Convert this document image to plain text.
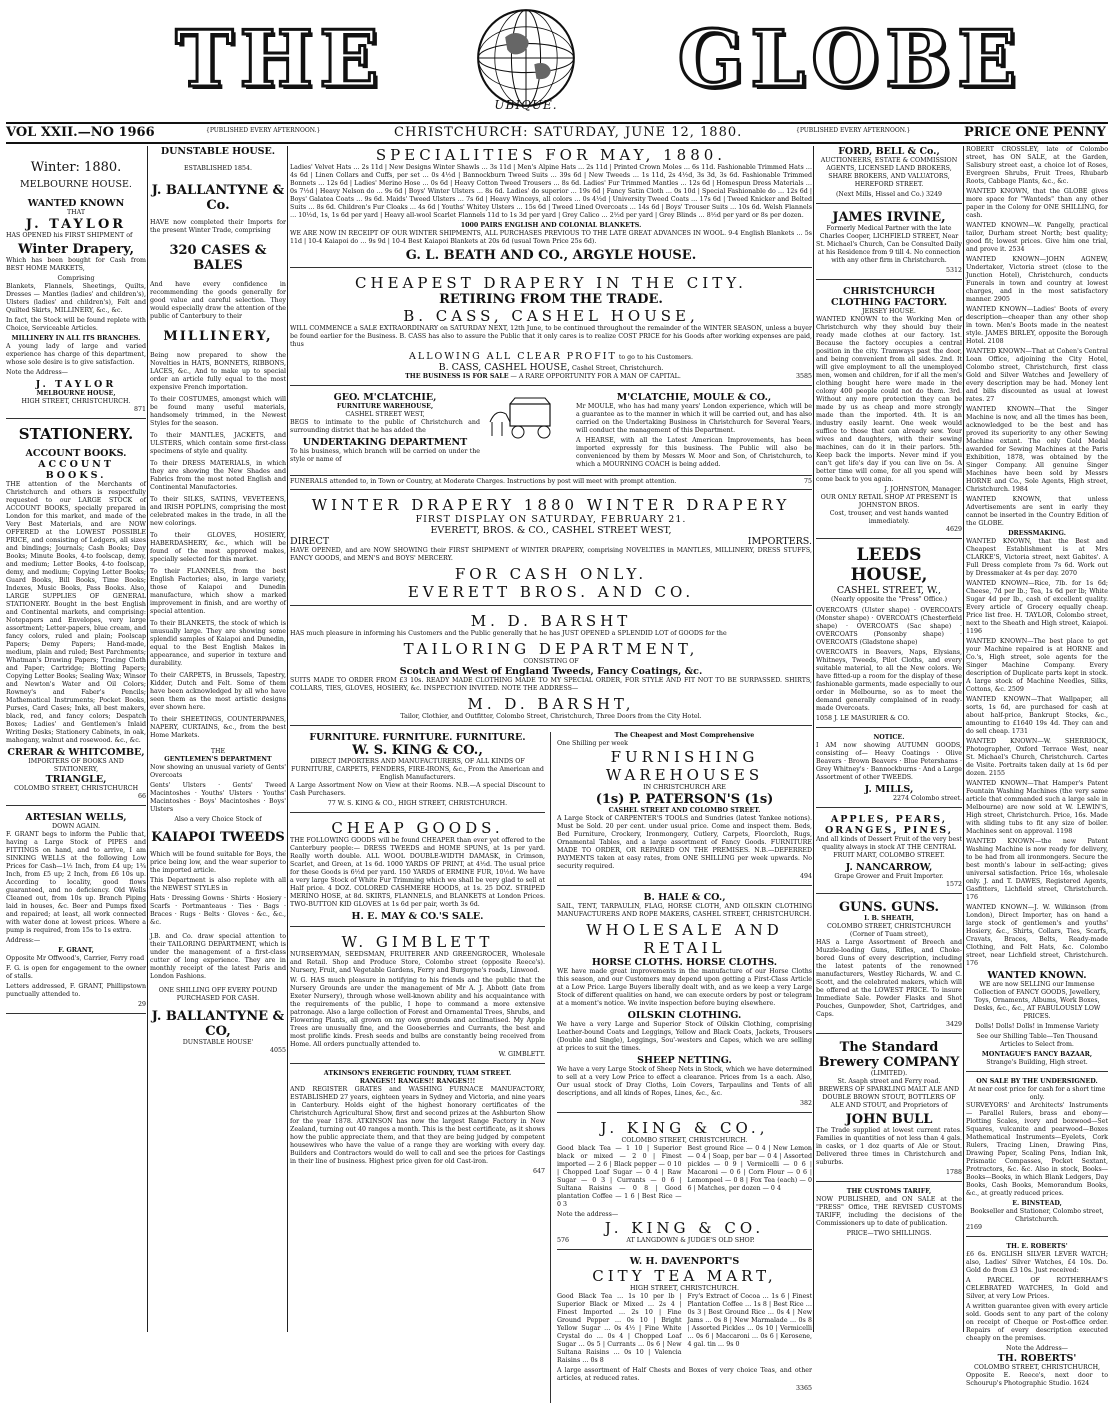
THE
UBIQUE.
GLOBE
VOL XXII.—NO 1966	{PUBLISHED EVERY AFTERNOON.}	CHRISTCHURCH: SATURDAY, JUNE 12, 1880.	{PUBLISHED EVERY AFTERNOON.}	PRICE ONE PENNY
Winter: 1880.
MELBOURNE HOUSE.
WANTED KNOWN
THAT
J. TAYLOR

HAS OPENED his FIRST SHIPMENT of

Winter Drapery,

Which has been bought for Cash from BEST HOME MARKETS,

Comprising

Blankets, Flannels, Sheetings, Quilts, Dresses — Mantles (ladies' and children's), Ulsters (ladies' and children's), Felt and Quilted Skirts, MILLINERY, &c., &c.

In fact, the Stock will be found replete with Choice, Serviceable Articles.

MILLINERY IN ALL ITS BRANCHES.

A young lady of large and varied experience has charge of this department, whose sole desire is to give satisfaction.

Note the Address—

J. TAYLOR
MELBOURNE HOUSE,
HIGH STREET, CHRISTCHURCH.
871
STATIONERY.
ACCOUNT BOOKS.
ACCOUNT BOOKS.

THE attention of the Merchants of Christchurch and others is respectfully requested to our LARGE STOCK of ACCOUNT BOOKS, specially prepared in London for this market, and made of the Very Best Materials, and are NOW OFFERED at the LOWEST POSSIBLE PRICE, and consisting of Ledgers, all sizes and bindings; Journals; Cash Books; Day Books; Minute Books, 4-to foolscap, demy, and medium; Letter Books, 4-to foolscap, demy, and medium; Copying Letter Books; Guard Books, Bill Books, Time Books; Indexes, Music Books, Pass Books. Also, LARGE SUPPLIES OF GENERAL STATIONERY. Bought in the best English and Continental markets, and comprising: Notepapers and Envelopes, very large assortment; Letter-papers, blue cream, and fancy colors, ruled and plain; Foolscap Papers; Demy Papers; Hand-made, medium, plain and ruled; Best Parchments; Whatman's Drawing Papers; Tracing Cloth and Paper; Cartridge; Blotting Papers; Copying Letter Books; Sealing Wax; Winsor and Newton's Water and Oil Colors; Rowney's and Faber's Pencils; Mathematical Instruments; Pocket Books, Purses, Card Cases; Inks, all best makers, black, red, and fancy colors; Despatch Boxes; Ladies' and Gentlemen's Inlaid Writing Desks; Stationery Cabinets, in oak, mahogany, walnut and rosewood. &c., &c.

CRERAR & WHITCOMBE,
IMPORTERS OF BOOKS AND STATIONERY,
TRIANGLE,
COLOMBO STREET, CHRISTCHURCH
66
ARTESIAN WELLS,
DOWN AGAIN.

F. GRANT begs to inform the Public that, having a Large Stock of PIPES and FITTINGS on hand, and to arrive, I am SINKING WELLS at the following Low Prices for Cash—1½ Inch, from £4 up; 1¾ Inch, from £5 up; 2 Inch, from £6 10s up. According to locality, good flows guaranteed, and no deficiency. Old Wells Cleaned out, from 10s up. Branch Piping laid in houses, &c. Beer and Pumps fixed and repaired; at least, all work connected with water done at lowest prices. Where a pump is required, from 15s to 1s extra.

Address:—

F. GRANT,

Opposite Mr Offwood's, Carrier, Ferry road

F. G. is open for engagement to the owner of stalls.

Letters addressed, F. GRANT, Phillipstown punctually attended to.

29
DUNSTABLE HOUSE.
ESTABLISHED 1854.
J. BALLANTYNE & Co.

HAVE now completed their Imports for the present Winter Trade, comprising

320 CASES & BALES

And have every confidence in recommending the goods generally for good value and careful selection. They would especially draw the attention of the public of Canterbury to their

MILLINERY,

Being now prepared to show the Novelties in HATS, BONNETS, RIBBONS, LACES, &c., And to make up to special order an article fully equal to the most expensive French importation.

To their COSTUMES, amongst which will be found many useful materials, handsomely trimmed, in the Newest Styles for the season.

To their MANTLES, JACKETS, and ULSTERS, which contain some first-class specimens of style and quality.

To their DRESS MATERIALS, in which they are showing the New Shades and Fabrics from the most noted English and Continental Manufactories.

To their SILKS, SATINS, VEVETEENS, and IRISH POPLINS, comprising the most celebrated makes in the trade, in all the new colorings.

To their GLOVES, HOSIERY, HABERDASHERY, &c., which will be found of the most approved makes, specially selected for this market.

To their FLANNELS, from the best English Factories; also, in large variety, those of Kaiapoi and Dunedin manufacture, which show a marked improvement in finish, and are worthy of special attention.

To their BLANKETS, the stock of which is unusually large. They are showing some splendid samples of Kaiapoi and Dunedin, equal to the Best English Makes in appearance, and superior in texture and durability.

To their CARPETS, in Brussels, Tapestry, Kidder, Dutch and Felt. Some of them have been acknowledged by all who have seen them as the most artistic designs ever shown here.

To their SHEETINGS, COUNTERPANES, NAPERY, CURTAINS, &c., from the best Home Markets.

THE
GENTLEMEN'S DEPARTMENT

Now showing an unusual variety of Gents' Overcoats

Gents' Ulsters · Gents' Tweed Macintoshes · Youths' Ulsters · Youths' Macintoshes · Boys' Macintoshes · Boys' Ulsters

Also a very Choice Stock of
KAIAPOI TWEEDS

Which will be found suitable for Boys, the price being low, and the wear superior to the imported article.

This Department is also replete with all the NEWEST STYLES in

Hats · Dressing Gowns · Shirts · Hosiery · Scarfs · Portmanteaus · Ties · Bags · Braces · Rugs · Belts · Gloves · &c., &c., &c.

J.B. and Co. draw special attention to their TAILORING DEPARTMENT, which is under the management of a first-class cutter of long experience. They are in monthly receipt of the latest Paris and London Fashions.

ONE SHILLING OFF EVERY POUND
PURCHASED FOR CASH.
J. BALLANTYNE & CO,
DUNSTABLE HOUSE'
4055
SPECIALITIES FOR MAY, 1880.

Ladies' Velvet Hats … 2s 11d | New Designs Winter Shawls … 3s 11d | Men's Alpine Hats … 2s 11d | Printed Crown Moles … 6s 11d. Fashionable Trimmed Hats … 4s 6d | Linen Collars and Cuffs, per set … 0s 4½d | Bannockburn Tweed Suits … 39s 6d | New Tweeds … 1s 11d, 2s 4½d, 3s 3d, 3s 6d. Fashionable Trimmed Bonnets … 12s 6d | Ladies' Merino Hose … 0s 6d | Heavy Cotton Tweed Trousers … 8s 6d. Ladies' Fur Trimmed Mantles … 12s 6d | Homespun Dress Materials … 0s 7½d | Heavy Nelson do … 9s 6d | Boys' Winter Ulsters … 8s 6d. Ladies' do superior … 19s 6d | Fancy Satin Cloth … 0s 10d | Special Fashionable do … 12s 6d | Boys' Galatea Coats … 9s 6d. Maids' Tweed Ulsters … 7s 6d | Heavy Winceys, all colors … 0s 4½d | University Tweed Coats … 17s 6d | Tweed Knicker and Belted Suits … 8s 6d. Children's Fur Cloaks … 4s 6d | Youths' Whitey Ulsters … 15s 6d | Tweed Lined Overcoats … 14s 6d | Boys' Trouser Suits … 10s 6d. Welsh Flannels … 10½d, 1s, 1s 6d per yard | Heavy all-wool Scarlet Flannels 11d to 1s 3d per yard | Grey Calico … 2½d per yard | Grey Blinds … 8½d per yard or 8s per dozen.

1000 PAIRS ENGLISH AND COLONIAL BLANKETS.

WE ARE NOW IN RECEIPT OF OUR WINTER SHIPMENTS, ALL PURCHASES PREVIOUS TO THE LATE GREAT ADVANCES IN WOOL. 9-4 English Blankets … 5s 11d | 10-4 Kaiapoi do … 9s 9d | 10-4 Best Kaiapoi Blankets at 20s 6d (usual Town Price 25s 6d).

G. L. BEATH AND CO., ARGYLE HOUSE.
CHEAPEST DRAPERY IN THE CITY.
RETIRING FROM THE TRADE.
B. CASS, CASHEL HOUSE,

WILL COMMENCE a SALE EXTRAORDINARY on SATURDAY NEXT, 12th June, to be continued throughout the remainder of the WINTER SEASON, unless a buyer be found earlier for the Business. B. CASS has also to assure the Public that it only cares is to realize COST PRICE for his Goods after working expenses are paid, thus

ALLOWING ALL CLEAR PROFIT to go to his Customers.
B. CASS, CASHEL HOUSE, Cashel Street, Christchurch.
THE BUSINESS IS FOR SALE — A RARE OPPORTUNITY FOR A MAN OF CAPITAL.	3585
GEO. M'CLATCHIE,
FURNITURE WAREHOUSE,
CASHEL STREET WEST,

BEGS to intimate to the public of Christchurch and surrounding district that he has added the

UNDERTAKING DEPARTMENT

To his business, which branch will be carried on under the style or name of

M'CLATCHIE, MOULE & CO.,

Mr MOULE, who has had many years' London experience, which will be a guarantee as to the manner in which it will be carried out, and has also carried on the Undertaking Business in Christchurch for Several Years, will conduct the management of this Department.

A HEARSE, with all the Latest American Improvements, has been imported expressly for this business. The Public will also be convenienced by them by Messrs W. Moor and Son, of Christchurch, to which a MOURNING COACH is being added.

FUNERALS attended to, in Town or Country, at Moderate Charges. Instructions by post will meet with prompt attention.	75
WINTER DRAPERY 1880 WINTER DRAPERY
FIRST DISPLAY ON SATURDAY, FEBRUARY 21.
EVERETT, BROS. & CO., CASHEL STREET WEST,
DIRECT	IMPORTERS.

HAVE OPENED, and are NOW SHOWING their FIRST SHIPMENT of WINTER DRAPERY, comprising NOVELTIES in MANTLES, MILLINERY, DRESS STUFFS, FANCY GOODS, and MEN'S and BOYS' MERCERY.

FOR CASH ONLY.
EVERETT BROS. AND CO.
M. D. BARSHT

HAS much pleasure in informing his Customers and the Public generally that he has JUST OPENED a SPLENDID LOT of GOODS for the

TAILORING DEPARTMENT,
CONSISTING OF
Scotch and West of England Tweeds, Fancy Coatings, &c.

SUITS MADE TO ORDER FROM £3 10s. READY MADE CLOTHING MADE TO MY SPECIAL ORDER, FOR STYLE AND FIT NOT TO BE SURPASSED. SHIRTS, COLLARS, TIES, GLOVES, HOSIERY, &c. INSPECTION INVITED. NOTE THE ADDRESS—

M. D. BARSHT,
Tailor, Clothier, and Outfitter, Colombo Street, Christchurch, Three Doors from the City Hotel.
FURNITURE. FURNITURE. FURNITURE.
W. S. KING & CO.,
DIRECT IMPORTERS AND MANUFACTURERS, OF ALL KINDS OF
FURNITURE, CARPETS, FENDERS, FIRE-IRONS, &c., From the American and English Manufacturers.

A Large Assortment Now on View at their Rooms. N.B.—A special Discount to Cash Purchasers.

77 W. S. KING & CO., HIGH STREET, CHRISTCHURCH.
CHEAP GOODS.

THE FOLLOWING GOODS will be found CHEAPER than ever yet offered to the Canterbury people:— DRESS TWEEDS and HOME SPUNS, at 1s per yard. Really worth double. ALL WOOL DOUBLE-WIDTH DAMASK, in Crimson, Scarlet, and Green, at 1s 6d. 1000 YARDS OF PRINT, at 4½d. The usual price for these Goods is 6½d per yard. 150 YARDS of ERMINE FUR, 10½d. We have a very large Stock of White Fur Trimming which we shall be very glad to sell at Half price. 4 DOZ. COLORED CASHMERE HOODS, at 1s. 25 DOZ. STRIPED MERINO HOSE, at 8d. SKIRTS, FLANNELS, and BLANKETS at London Prices. TWO-BUTTON KID GLOVES at 1s 6d per pair, worth 3s 6d.

H. E. MAY & CO.'S SALE.
W. GIMBLETT

NURSERYMAN, SEEDSMAN, FRUITERER AND GREENGROCER, Wholesale and Retail. Shop and Produce Store, Colombo street (opposite Reece's). Nursery, Fruit, and Vegetable Gardens, Ferry and Burgoyne's roads, Linwood.

W. G. HAS much pleasure in notifying to his friends and the public that the Nursery Grounds are under the management of Mr A. J. Abbott (late from Exeter Nursery), through whose well-known ability and his acquaintance with the requirements of the public, I hope to command a more extensive patronage. Also a large collection of Forest and Ornamental Trees, Shrubs, and Flowering Plants, all grown on my own grounds and acclimatised. My Apple Trees are unusually fine, and the Gooseberries and Currants, the best and most prolific kinds. Fresh seeds and bulbs are constantly being received from Home. All orders punctually attended to.

W. GIMBLETT.
ATKINSON'S ENERGETIC FOUNDRY, TUAM STREET.
RANGES!! RANGES!! RANGES!!!

AND REGISTER GRATES and WASHING FURNACE MANUFACTORY, ESTABLISHED 27 years, eighteen years in Sydney and Victoria, and nine years in Canterbury. Holds eight of the highest honorary certificates of the Christchurch Agricultural Show, first and second prizes at the Ashburton Show for the year 1878. ATKINSON has now the largest Range Factory in New Zealand, turning out 40 ranges a month. This is the best certificate, as it shows how the public appreciate them, and that they are being judged by competent housewives who have the value of a range they are working with every day. Builders and Contractors would do well to call and see the prices for Castings in their line of business. Highest price given for old Cast-iron.

647
The Cheapest and Most Comprehensive
One Shilling per week
FURNISHING WAREHOUSES
IN CHRISTCHURCH ARE
(1s) P. PATERSON'S (1s)
CASHEL STREET AND COLOMBO STREET.

A Large Stock of CARPENTER'S TOOLS and Sundries (latest Yankee notions). Must be Sold. 20 per cent. under usual price. Come and inspect them. Beds, Bed Furniture, Crockery, Ironmongery, Cutlery, Carpets, Floorcloth, Rugs, Ornamental Tables, and a large assortment of Fancy Goods. FURNITURE MADE TO ORDER, OR REPAIRED ON THE PREMISES. N.B.—DEFERRED PAYMENTS taken at easy rates, from ONE SHILLING per week upwards. No security required.

494
B. HALE & CO.,

SAIL, TENT, TARPAULIN, FLAG, HORSE CLOTH, AND OILSKIN CLOTHING MANUFACTURERS AND ROPE MAKERS, CASHEL STREET, CHRISTCHURCH.

WHOLESALE AND RETAIL
HORSE CLOTHS. HORSE CLOTHS.

WE have made great improvements in the manufacture of our Horse Cloths this season, and our Customers may depend upon getting a First-Class Article at a Low Price. Large Buyers liberally dealt with, and as we keep a very Large Stock of different qualities on hand, we can execute orders by post or telegram at a moment's notice. We invite inspection before buying elsewhere.

OILSKIN CLOTHING.

We have a very Large and Superior Stock of Oilskin Clothing, comprising Leather-bound Coats and Leggings, Yellow and Black Coats, Jackets, Trousers (Double and Single), Leggings, Sou'-westers and Capes, which we are selling at prices to suit the times.

SHEEP NETTING.

We have a very Large Stock of Sheep Nets in Stock, which we have determined to sell at a very Low Price to effect a clearance. Prices from 1s a each. Also, Our usual stock of Dray Cloths, Loin Covers, Tarpaulins and Tents of all descriptions, and all kinds of Ropes, Lines, &c., &c.

382
J. KING & CO.,
COLOMBO STREET, CHRISTCHURCH.

Good black Tea — 1 10 | Superior black or mixed — 2 0 | Finest imported — 2 6 | Black pepper — 0 10 | Chopped Loaf Sugar — 0 4 | Raw Sugar — 0 3 | Currants — 0 6 | Sultana Raisins — 0 8 | Good plantation Coffee — 1 6 | Best Rice — 0 3

Best ground Rice — 0 4 | New Lemon — 0 4 | Soap, per bar — 0 4 | Assorted pickles — 0 9 | Vermicelli — 0 6 | Macaroni — 0 6 | Corn Flour — 0 6 | Lemonpeel — 0 8 | Fox Tea (each) — 0 6 | Matches, per dozen — 0 4

Note the address—
J. KING & CO.
AT LANGDOWN & JUDGE'S OLD SHOP.
576
W. H. DAVENPORT'S
CITY TEA MART,
HIGH STREET, CHRISTCHURCH.

Good Black Tea … 1s 10 per lb | Superior Black or Mixed … 2s 4 | Finest Imported … 2s 10 | Fine Ground Pepper … 0s 10 | Bright Yellow Sugar … 0s 4½ | Fine White Crystal do … 0s 4 | Chopped Loaf Sugar … 0s 5 | Currants … 0s 6 | New Sultana Raisins … 0s 10 | Valencia Raisins … 0s 8

Fry's Extract of Cocoa … 1s 6 | Finest Plantation Coffee … 1s 8 | Best Rice … 0s 3 | Best Ground Rice … 0s 4 | New Jams … 0s 8 | New Marmalade … 0s 8 | Assorted Pickles … 0s 10 | Vermicelli … 0s 6 | Maccaroni … 0s 6 | Kerosene, 4 gal. tin … 9s 0

A large assortment of Half Chests and Boxes of very choice Teas, and other articles, at reduced rates.

3365
FORD, BELL & Co.,

AUCTIONEERS, ESTATE & COMMISSION AGENTS, LICENSED LAND BROKERS, SHARE BROKERS, AND VALUATORS, HEREFORD STREET.

(Next Mills, Hissel and Co.) 3249
JAMES IRVINE,

Formerly Medical Partner with the late Charles Cooper, LICHFIELD STREET, Near St. Michael's Church, Can be Consulted Daily at his Residence from 9 till 4. No connection with any other firm in Christchurch.

5312
CHRISTCHURCH
CLOTHING FACTORY.
JERSEY HOUSE.

WANTED KNOWN to the Working Men of Christchurch why they should buy their ready made clothes at our factory. 1st. Because the factory occupies a central position in the city. Tramways past the door, and being convenient from all sides. 2nd. It will give employment to all the unemployed men, women and children, for if all the men's clothing bought here were made in the colony 400 people could not do them. 3rd. Without any more protection they can be made by us as cheap and more strongly made than the imported. 4th. It is an industry easily learnt. One week would suffice to those that can already sew. Your wives and daughters, with their sewing machines, can do it in their parlors. 5th. Keep back the imports. Never mind if you can't get life's day if you can live on 5s. A better time will come, for all you spend will come back to you again.

J. JOHNSTON, Manager.
OUR ONLY RETAIL SHOP AT PRESENT IS JOHNSTON BROS.
Cost, trouser, and vest hands wanted immediately.
4629
LEEDS HOUSE,
CASHEL STREET, W.,
(Nearly opposite the "Press" Office.)

OVERCOATS (Ulster shape) · OVERCOATS (Monster shape) · OVERCOATS (Chesterfield shape) · OVERCOATS (Sac shape) · OVERCOATS (Ponsonby shape) · OVERCOATS (Gladstone shape)

OVERCOATS in Beavers, Naps, Elysians, Whitneys, Tweeds, Pilot Cloths, and every suitable material, to all the New colors. We have fitted-up a room for the display of these fashionable garments, made especially to our order in Melbourne, so as to meet the demand generally complained of in ready-made Overcoats.

1058 J. LE MASURIER & CO.
NOTICE.

I AM now showing AUTUMN GOODS, consisting of— Heavy Coatings · Olive Beavers · Brown Beavers · Blue Petershams · Grey Whitney's · Bannockburns · And a Large Assortment of other TWEEDS.

J. MILLS,
2274 Colombo street.
APPLES, PEARS, ORANGES, PINES,

And all kinds of Dessert Fruit of the very best quality always in stock AT THE CENTRAL FRUIT MART, COLOMBO STREET.

J. NANCARROW,
Grape Grower and Fruit Importer.
1572
GUNS. GUNS.
I. B. SHEATH,
COLOMBO STREET, CHRISTCHURCH (Corner of Tuam street),

HAS a Large Assortment of Breech and Muzzle-loading Guns, Rifles, and Choke-bored Guns of every description, including the latest patents of the renowned manufacturers, Westley Richards, W. and C. Scott, and the celebrated makers, which will be offered at the LOWEST PRICE. To insure Immediate Sale. Powder Flasks and Shot Pouches, Gunpowder, Shot, Cartridges, and Caps.

3429
The Standard Brewery COMPANY
(LIMITED).
St. Asaph street and Ferry road.

BREWERS OF SPARKLING MALT ALE AND DOUBLE BROWN STOUT, BOTTLERS OF ALE AND STOUT, and Proprietors of

JOHN BULL

The Trade supplied at lowest current rates. Families in quantities of not less than 4 gals. in casks, or 1 doz quarts of Ale or Stout. Delivered three times in Christchurch and suburbs.

1788
THE CUSTOMS TARIFF,

NOW PUBLISHED, and ON SALE at the "PRESS" Office, THE REVISED CUSTOMS TARIFF, including the decisions of the Commissioners up to date of publication.

PRICE—TWO SHILLINGS.

ROBERT CROSSLEY, late of Colombo street, has ON SALE, at the Garden, Salisbury street east, a choice lot of Roses, Evergreen Shrubs, Fruit Trees, Rhubarb Roots, Cabbage Plants, &c., &c.

WANTED KNOWN, that the GLOBE gives more space for "Wanteds" than any other paper in the Colony for ONE SHILLING, for cash.

WANTED KNOWN—W. Pangelly, practical tailor, Durham street North; best quality; good fit; lowest prices. Give him one trial, and prove it. 2534

WANTED KNOWN—JOHN AGNEW, Undertaker, Victoria street (close to the Junction Hotel), Christchurch, conducts Funerals in town and country at lowest charges, and in the most satisfactory manner. 2905

WANTED KNOWN—Ladies' Boots of every description—cheaper than any other shop in town. Men's Boots made in the neatest style. JAMES BIRLEY, opposite the Borough Hotel. 2108

WANTED KNOWN—That at Cohen's Central Loan Office, adjoining the City Hotel, Colombo street, Christchurch, first class Gold and Silver Watches and Jewellery of every description may be had. Money lent and bills discounted as usual at lowest rates. 27

WANTED KNOWN—That the Singer Machine is now, and all the times has been, acknowledged to be the best and has proved its superiority to any other Sewing Machine extant. The only Gold Medal awarded for Sewing Machines at the Paris Exhibition, 1878, was obtained by the Singer Company. All genuine Singer Machines have been sold by Messrs HORNE and Co., Sole Agents, High street, Christchurch. 1984

WANTED KNOWN, that unless Advertisements are sent in early they cannot be inserted in the Country Edition of the GLOBE.

DRESSMAKING.

WANTED KNOWN, that the Best and Cheapest Establishment is at Mrs CLARKE'S, Victoria street, next Gabites'. A Full Dress complete from 7s 6d. Work out by Dressmaker at 4s per day. 2070

WANTED KNOWN—Rice, 7lb. for 1s 6d; Cheese, 7d per lb.; Tea, 1s 6d per lb; White Sugar 4d per lb., cash of excellent quality. Every article of Grocery equally cheap. Price list free. H. TAYLOR, Colombo street, next to the Sheath and High street, Kaiapoi. 1196

WANTED KNOWN—The best place to get your Machine repaired is at HORNE and Co.'s, High street, sole agents for the Singer Machine Company. Every description of Duplicate parts kept in stock. A large stock of Machine Needles, Silks, Cottons, &c. 2509

WANTED KNOWN—That Wallpaper, all sorts, 1s 6d, are purchased for cash at about half-price, Bankrupt Stocks, &c., amounting to £1640 19s 4d. They can and do sell cheap. 1731

WANTED KNOWN—W. SHERRIOCK, Photographer, Oxford Terrace West, near St. Michael's Church, Christchurch. Cartes de Visite. Portraits taken daily at 1s 6d per dozen. 2155

WANTED KNOWN—That Hamper's Patent Fountain Washing Machines (the very same article that commanded such a large sale in Melbourne) are now sold at W. LEWIN'S, High street, Christchurch. Price, 16s. Made with sliding tubs to fit any size of boiler. Machines sent on approval. 1198

WANTED KNOWN—the new Patent Washing Machine is now ready for delivery, to be had from all ironmongers. Secure the best month's labour in self-acting; gives universal satisfaction. Price 16s, wholesale only. J. and T. DAWES, Registered Agents, Gasfitters, Lichfield street, Christchurch. 176

WANTED KNOWN—J. W. Wilkinson (from London), Direct Importer, has on hand a large stock of gentlemen's and youths' Hosiery, &c., Shirts, Collars, Ties, Scarfs, Cravats, Braces, Belts, Ready-made Clothing, and Felt Hats, &c. Colombo street, near Lichfield street, Christchurch. 176

WANTED KNOWN.

WE are now SELLING our Immense Collection of FANCY GOODS, Jewellery, Toys, Ornaments, Albums, Work Boxes, Desks, &c., &c., AT FABULOUSLY LOW PRICES.

Dolls! Dolls! Dolls! in Immense Variety

See our Shilling Table—Ten Thousand Articles to Select from.

MONTAGUE'S FANCY BAZAAR,
Strange's Building, High street.
ON SALE BY THE UNDERSIGNED.
At near cost price for cash for a short time only.

SURVEYORS' and Architects' Instruments — Parallel Rulers, brass and ebony—Plotting Scales, ivory and boxwood—Set Squares, vulcanite and pearwood—Boxes Mathematical Instruments—Eyelets, Cork Rulers, Tracing Linen, Drawing Pins, Drawing Paper, Scaling Pens, Indian Ink, Prismatic Compasses, Pocket Sextant, Protractors, &c. &c. Also in stock, Books—Books—Books, in which Blank Ledgers, Day Books, Cash Books, Memorandum Books, &c., at greatly reduced prices.

E. BINSTEAD,
Bookseller and Stationer, Colombo street, Christchurch.
2169
TH. E. ROBERTS'

£6 6s. ENGLISH SILVER LEVER WATCH; also, Ladies' Silver Watches, £4 10s. Do. Gold do from £3 10s. Just received:

A PARCEL OF ROTHERHAM'S CELEBRATED WATCHES, In Gold and Silver, at very Low Prices.

A written guarantee given with every article sold. Goods sent to any part of the colony on receipt of Cheque or Post-office order. Repairs of every description executed cheaply on the premises.

Note the Address—
TH. ROBERTS'
COLOMBO STREET, CHRISTCHURCH,

Opposite E. Reece's, next door to Schourup's Photographic Studio. 1624
